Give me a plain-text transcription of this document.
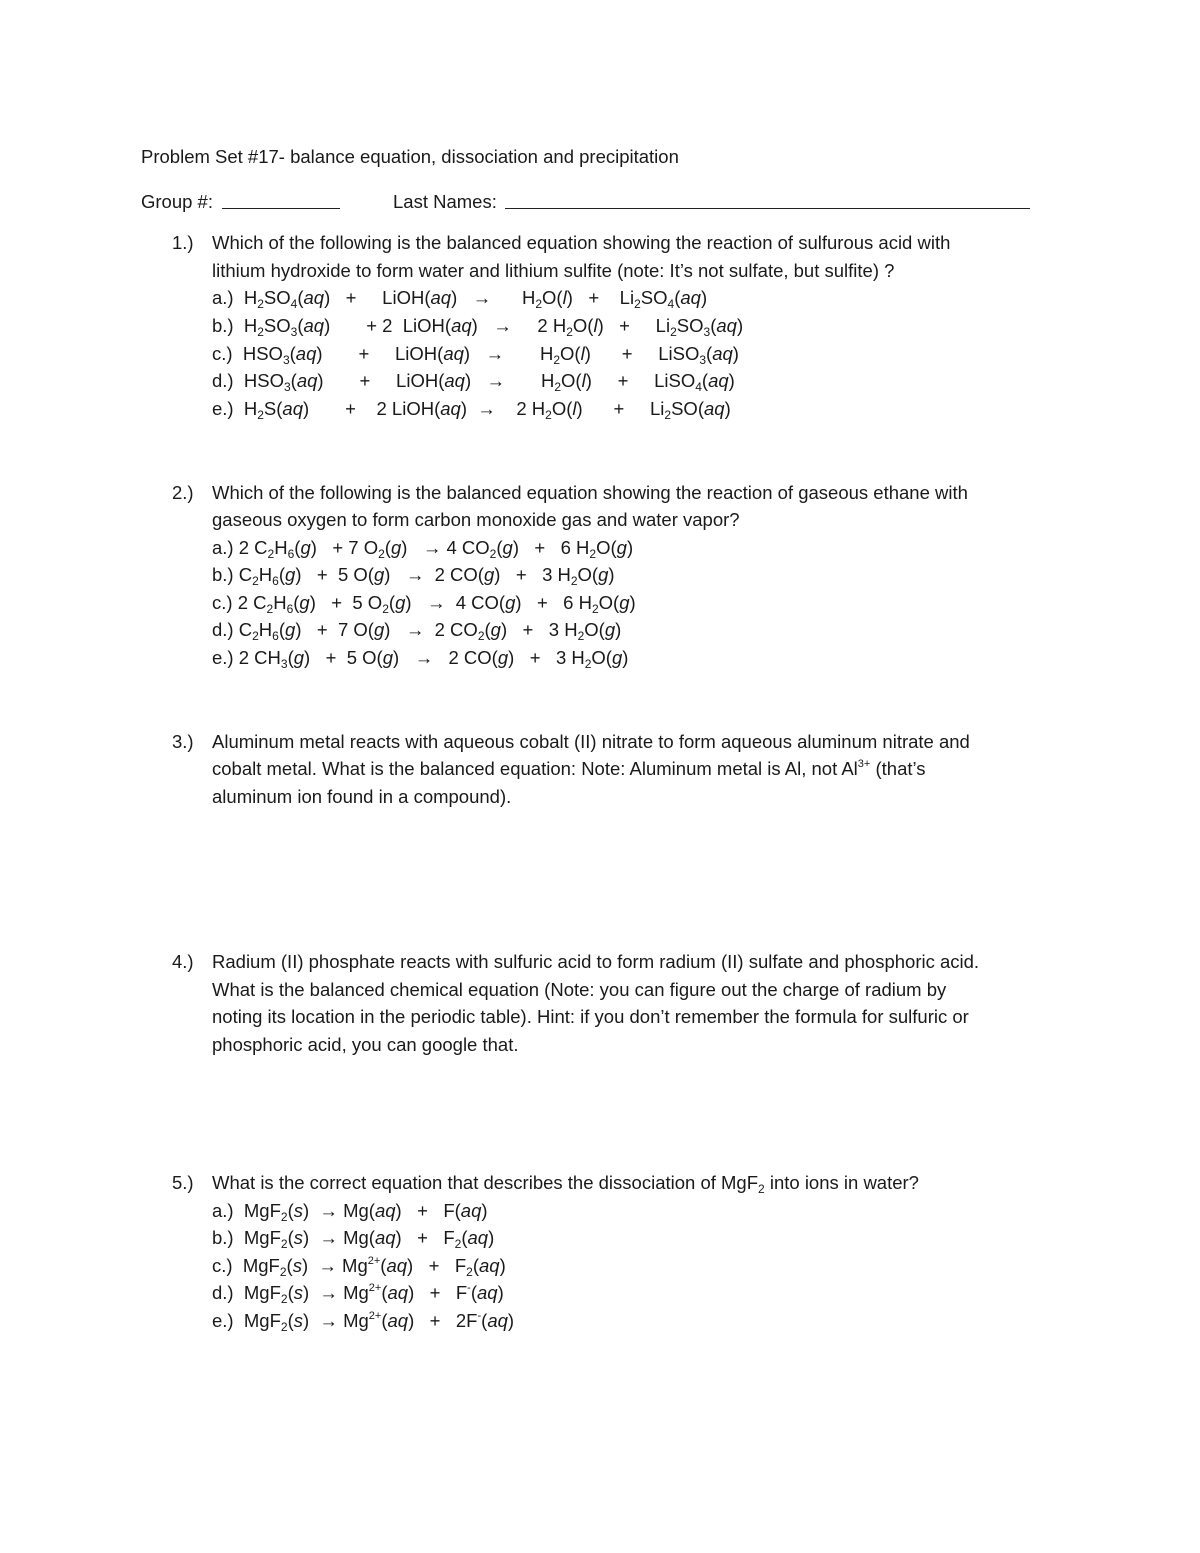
Problem Set #17- balance equation, dissociation and precipitation
Group #:	Last Names:
1.) Which of the following is the balanced equation showing the reaction of sulfurous acid with
lithium hydroxide to form water and lithium sulfite (note: It’s not sulfate, but sulfite) ?
a.)  $H_2SO_4(aq)$   +     LiOH(aq)   →      $H_2O(l)$   +    $Li_2SO_4(aq)$
b.)  $H_2SO_3(aq)$       + 2  LiOH(aq)   →     2 $H_2O(l)$   +     $Li_2SO_3(aq)$
c.)  $HSO_3(aq)$       +     LiOH(aq)   →       $H_2O(l)$      +     LiSO$_3$(aq)
d.)  $HSO_3(aq)$       +     LiOH(aq)   →       $H_2O(l)$     +     LiSO$_4$(aq)
e.)  $H_2S(aq)$       +    2 LiOH(aq)  →    2 $H_2O(l)$      +     $Li_2SO(aq)$
2.) Which of the following is the balanced equation showing the reaction of gaseous ethane with
gaseous oxygen to form carbon monoxide gas and water vapor?
a.) 2 $C_2H_6(g) + 7$ $O_2(g) \to 4$ $CO_2(g) + 6$ $H_2O(g)$
b.) $C_2H_6(g) + 5$ O(g)   →  2 CO(g)   +   3 $H_2O(g)$
c.) 2 $C_2H_6(g) + 5$ $O_2(g) \to 4$ CO(g)   +   6 $H_2O(g)$
d.) $C_2H_6(g) + 7$ O(g)   →  2 $CO_2(g) + 3$ $H_2O(g)$
e.) 2 $CH_3(g) + 5$ O(g)   →   2 CO(g)   +   3 $H_2O(g)$
3.) Aluminum metal reacts with aqueous cobalt (II) nitrate to form aqueous aluminum nitrate and
cobalt metal. What is the balanced equation: Note: Aluminum metal is Al, not $Al^{3+}$ (that’s
aluminum ion found in a compound).
4.) Radium (II) phosphate reacts with sulfuric acid to form radium (II) sulfate and phosphoric acid.
What is the balanced chemical equation (Note: you can figure out the charge of radium by
noting its location in the periodic table). Hint: if you don’t remember the formula for sulfuric or
phosphoric acid, you can google that.
5.) What is the correct equation that describes the dissociation of MgF$_2$ into ions in water?
a.)  MgF$_2$(s)  → Mg(aq)   +   F(aq)
b.)  $MgF_2(s) \to Mg(aq) + F_2(aq)$
c.)  $MgF_2(s) \to Mg^{2+}(aq) + F_2(aq)$
d.)  $MgF_2(s) \to Mg^{2+}(aq) + F^-(aq)$
e.)  $MgF_2(s) \to Mg^{2+}(aq) + 2F^-(aq)$
